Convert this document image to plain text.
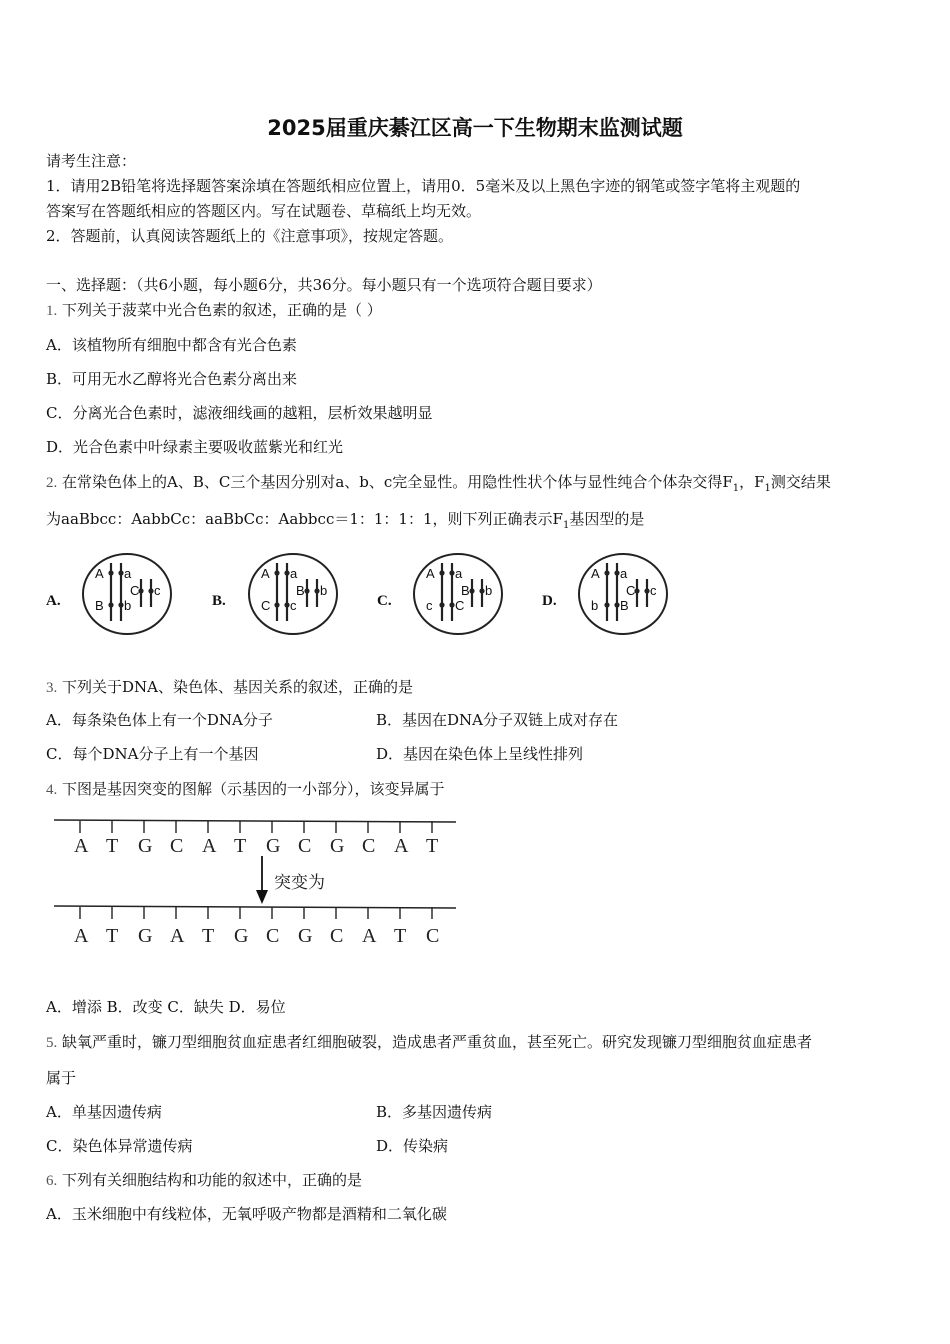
2025届重庆綦江区高一下生物期末监测试题
请考生注意：
1．请用2B铅笔将选择题答案涂填在答题纸相应位置上，请用0．5毫米及以上黑色字迹的钢笔或签字笔将主观题的
答案写在答题纸相应的答题区内。写在试题卷、草稿纸上均无效。
2．答题前，认真阅读答题纸上的《注意事项》，按规定答题。
一、选择题：（共6小题，每小题6分，共36分。每小题只有一个选项符合题目要求）
1. 下列关于菠菜中光合色素的叙述，正确的是（ ）
A．该植物所有细胞中都含有光合色素
B．可用无水乙醇将光合色素分离出来
C．分离光合色素时，滤液细线画的越粗，层析效果越明显
D．光合色素中叶绿素主要吸收蓝紫光和红光
2. 在常染色体上的A、B、C三个基因分别对a、b、c完全显性。用隐性性状个体与显性纯合个体杂交得$F_1$，$F_1$测交结果
为aaBbcc：AabbCc：aaBbCc：Aabbcc＝1：1：1：1，则下列正确表示$F_1$基因型的是
A.
A a
B b
C c
B.
A a
C c
B b
C.
A a
c C
B b
D.
A a
b B
C c
3. 下列关于DNA、染色体、基因关系的叙述，正确的是
A．每条染色体上有一个DNA分子	B．基因在DNA分子双链上成对存在
C．每个DNA分子上有一个基因	D．基因在染色体上呈线性排列
4. 下图是基因突变的图解（示基因的一小部分），该变异属于
突变为
A T G C A T G C G C A T
A T G A T G C G C A T C
A．增添 B．改变 C．缺失 D．易位
5. 缺氧严重时，镰刀型细胞贫血症患者红细胞破裂，造成患者严重贫血，甚至死亡。研究发现镰刀型细胞贫血症患者
属于
A．单基因遗传病	B．多基因遗传病
C．染色体异常遗传病	D．传染病
6. 下列有关细胞结构和功能的叙述中，正确的是
A．玉米细胞中有线粒体，无氧呼吸产物都是酒精和二氧化碳
